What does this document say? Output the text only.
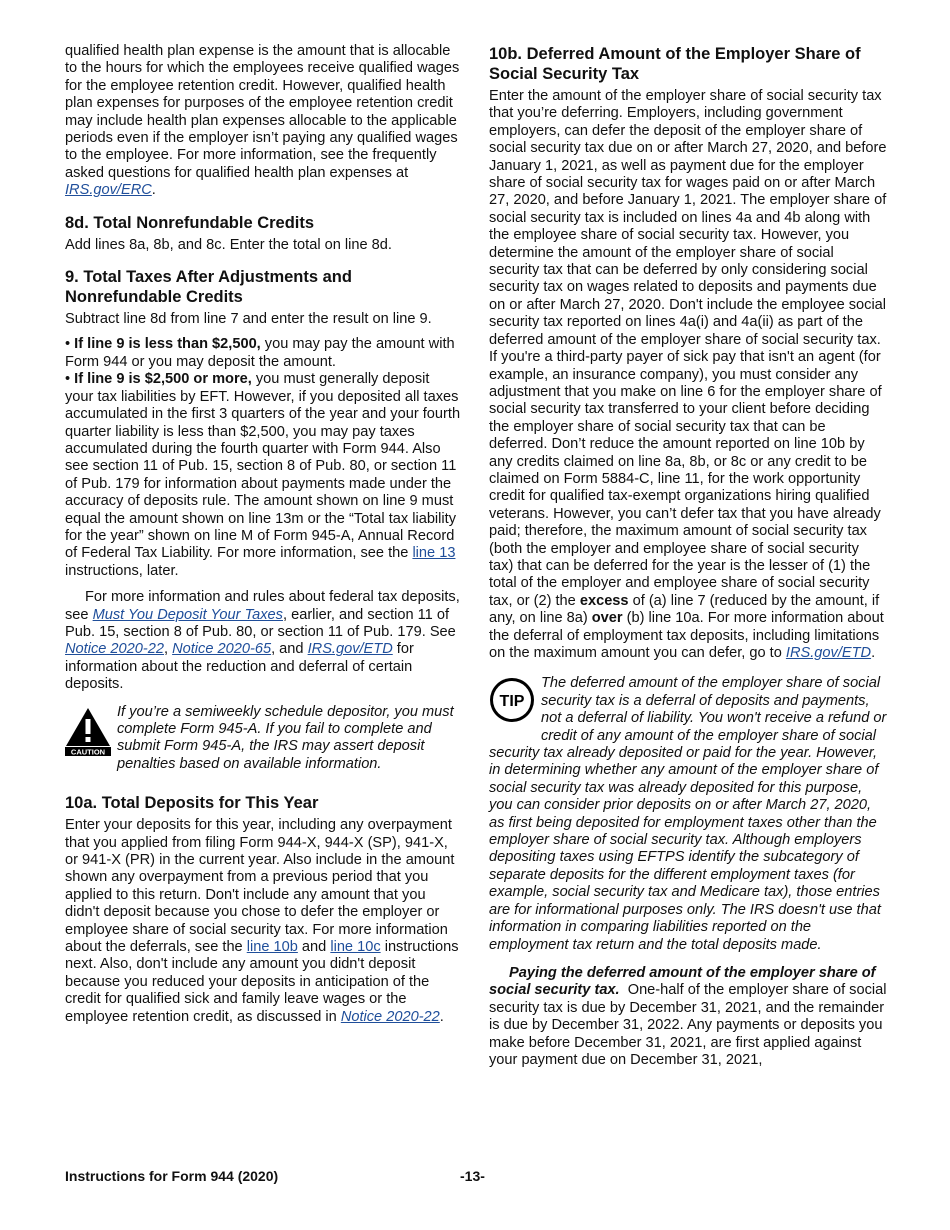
qualified health plan expense is the amount that is allocable to the hours for which the employees receive qualified wages for the employee retention credit. However, qualified health plan expenses for purposes of the employee retention credit may include health plan expenses allocable to the applicable periods even if the employer isn’t paying any qualified wages to the employee. For more information, see the frequently asked questions for qualified health plan expenses at IRS.gov/ERC.

8d. Total Nonrefundable Credits

Add lines 8a, 8b, and 8c. Enter the total on line 8d.

9. Total Taxes After Adjustments and Nonrefundable Credits

Subtract line 8d from line 7 and enter the result on line 9.

• If line 9 is less than $2,500, you may pay the amount with Form 944 or you may deposit the amount.

• If line 9 is $2,500 or more, you must generally deposit your tax liabilities by EFT. However, if you deposited all taxes accumulated in the first 3 quarters of the year and your fourth quarter liability is less than $2,500, you may pay taxes accumulated during the fourth quarter with Form 944. Also see section 11 of Pub. 15, section 8 of Pub. 80, or section 11 of Pub. 179 for information about payments made under the accuracy of deposits rule. The amount shown on line 9 must equal the amount shown on line 13m or the “Total tax liability for the year” shown on line M of Form 945-A, Annual Record of Federal Tax Liability. For more information, see the line 13 instructions, later.

For more information and rules about federal tax deposits, see Must You Deposit Your Taxes, earlier, and section 11 of Pub. 15, section 8 of Pub. 80, or section 11 of Pub. 179. See Notice 2020-22, Notice 2020-65, and IRS.gov/ETD for information about the reduction and deferral of certain deposits.

CAUTION

If you’re a semiweekly schedule depositor, you must complete Form 945-A. If you fail to complete and submit Form 945-A, the IRS may assert deposit penalties based on available information.

10a. Total Deposits for This Year

Enter your deposits for this year, including any overpayment that you applied from filing Form 944-X, 944-X (SP), 941-X, or 941-X (PR) in the current year. Also include in the amount shown any overpayment from a previous period that you applied to this return. Don't include any amount that you didn't deposit because you chose to defer the employer or employee share of social security tax. For more information about the deferrals, see the line 10b and line 10c instructions next. Also, don't include any amount you didn't deposit because you reduced your deposits in anticipation of the credit for qualified sick and family leave wages or the employee retention credit, as discussed in Notice 2020-22.

10b. Deferred Amount of the Employer Share of Social Security Tax

Enter the amount of the employer share of social security tax that you’re deferring. Employers, including government employers, can defer the deposit of the employer share of social security tax due on or after March 27, 2020, and before January 1, 2021, as well as payment due for the employer share of social security tax for wages paid on or after March 27, 2020, and before January 1, 2021. The employer share of social security tax is included on lines 4a and 4b along with the employee share of social security tax. However, you determine the amount of the employer share of social security tax that can be deferred by only considering social security tax on wages related to deposits and payments due on or after March 27, 2020. Don't include the employee social security tax reported on lines 4a(i) and 4a(ii) as part of the deferred amount of the employer share of social security tax. If you're a third-party payer of sick pay that isn't an agent (for example, an insurance company), you must consider any adjustment that you make on line 6 for the employer share of social security tax transferred to your client before deciding the employer share of social security tax that can be deferred. Don’t reduce the amount reported on line 10b by any credits claimed on line 8a, 8b, or 8c or any credit to be claimed on Form 5884-C, line 11, for the work opportunity credit for qualified tax-exempt organizations hiring qualified veterans. However, you can’t defer tax that you have already paid; therefore, the maximum amount of social security tax (both the employer and employee share of social security tax) that can be deferred for the year is the lesser of (1) the total of the employer and employee share of social security tax, or (2) the excess of (a) line 7 (reduced by the amount, if any, on line 8a) over (b) line 10a. For more information about the deferral of employment tax deposits, including limitations on the maximum amount you can defer, go to IRS.gov/ETD.

TIP

The deferred amount of the employer share of social security tax is a deferral of deposits and payments, not a deferral of liability. You won't receive a refund or credit of any amount of the employer share of social security tax already deposited or paid for the year. However, in determining whether any amount of the employer share of social security tax was already deposited for this purpose, you can consider prior deposits on or after March 27, 2020, as first being deposited for employment taxes other than the employer share of social security tax. Although employers depositing taxes using EFTPS identify the subcategory of separate deposits for the different employment taxes (for example, social security tax and Medicare tax), those entries are for informational purposes only. The IRS doesn't use that information in comparing liabilities reported on the employment tax return and the total deposits made.

Paying the deferred amount of the employer share of social security tax. One-half of the employer share of social security tax is due by December 31, 2021, and the remainder is due by December 31, 2022. Any payments or deposits you make before December 31, 2021, are first applied against your payment due on December 31, 2021,

Instructions for Form 944 (2020)	-13-
